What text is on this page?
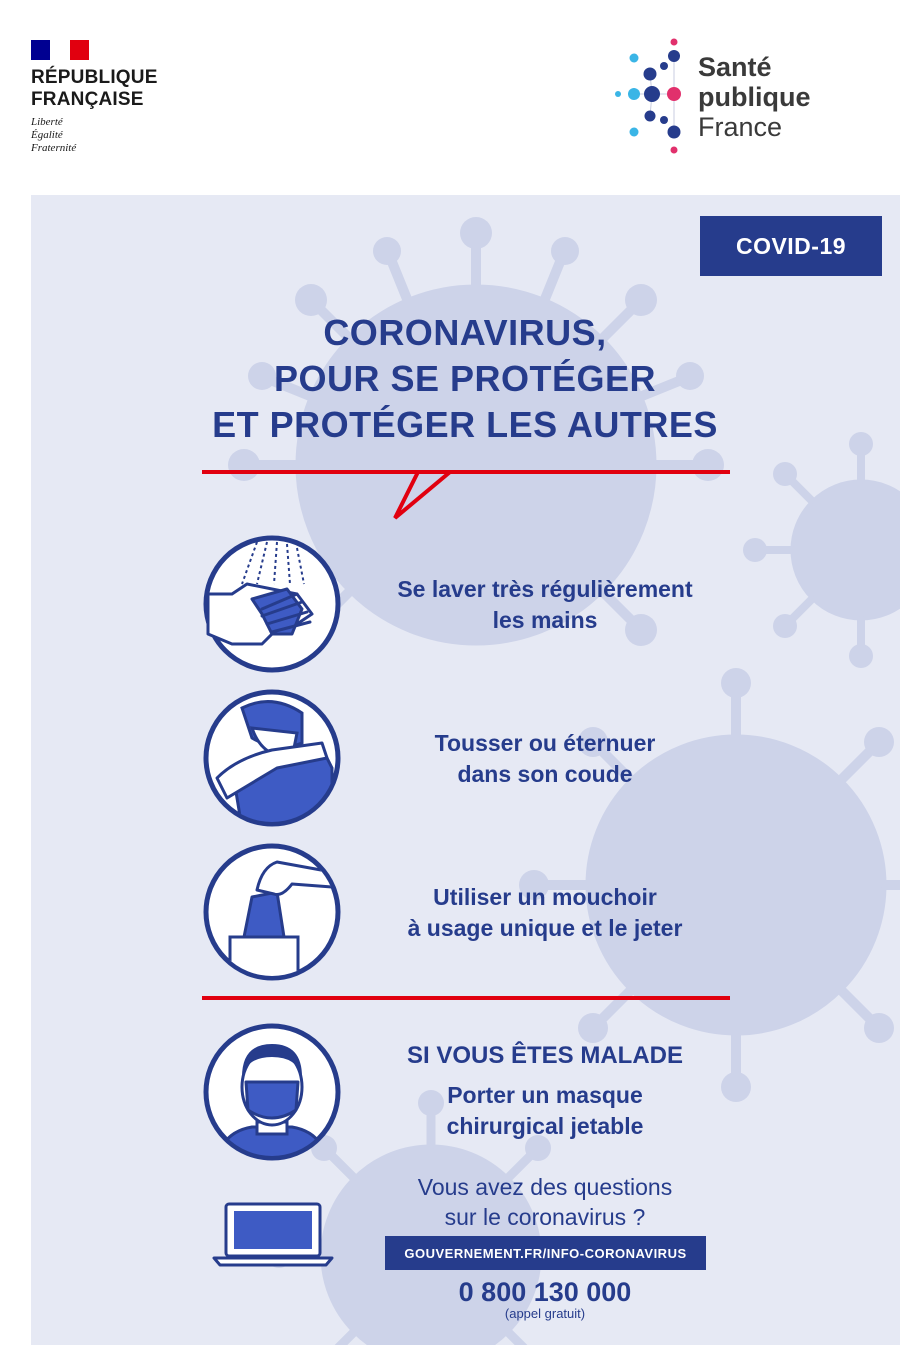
RÉPUBLIQUE
FRANÇAISE
Liberté
Égalité
Fraternité
Santé
publique
France
COVID-19
CORONAVIRUS,
POUR SE PROTÉGER
ET PROTÉGER LES AUTRES
Se laver très régulièrement
les mains
Tousser ou éternuer
dans son coude
Utiliser un mouchoir
à usage unique et le jeter
SI VOUS ÊTES MALADE
Porter un masque
chirurgical jetable
Vous avez des questions
sur le coronavirus ?
GOUVERNEMENT.FR/INFO-CORONAVIRUS
0 800 130 000
(appel gratuit)
